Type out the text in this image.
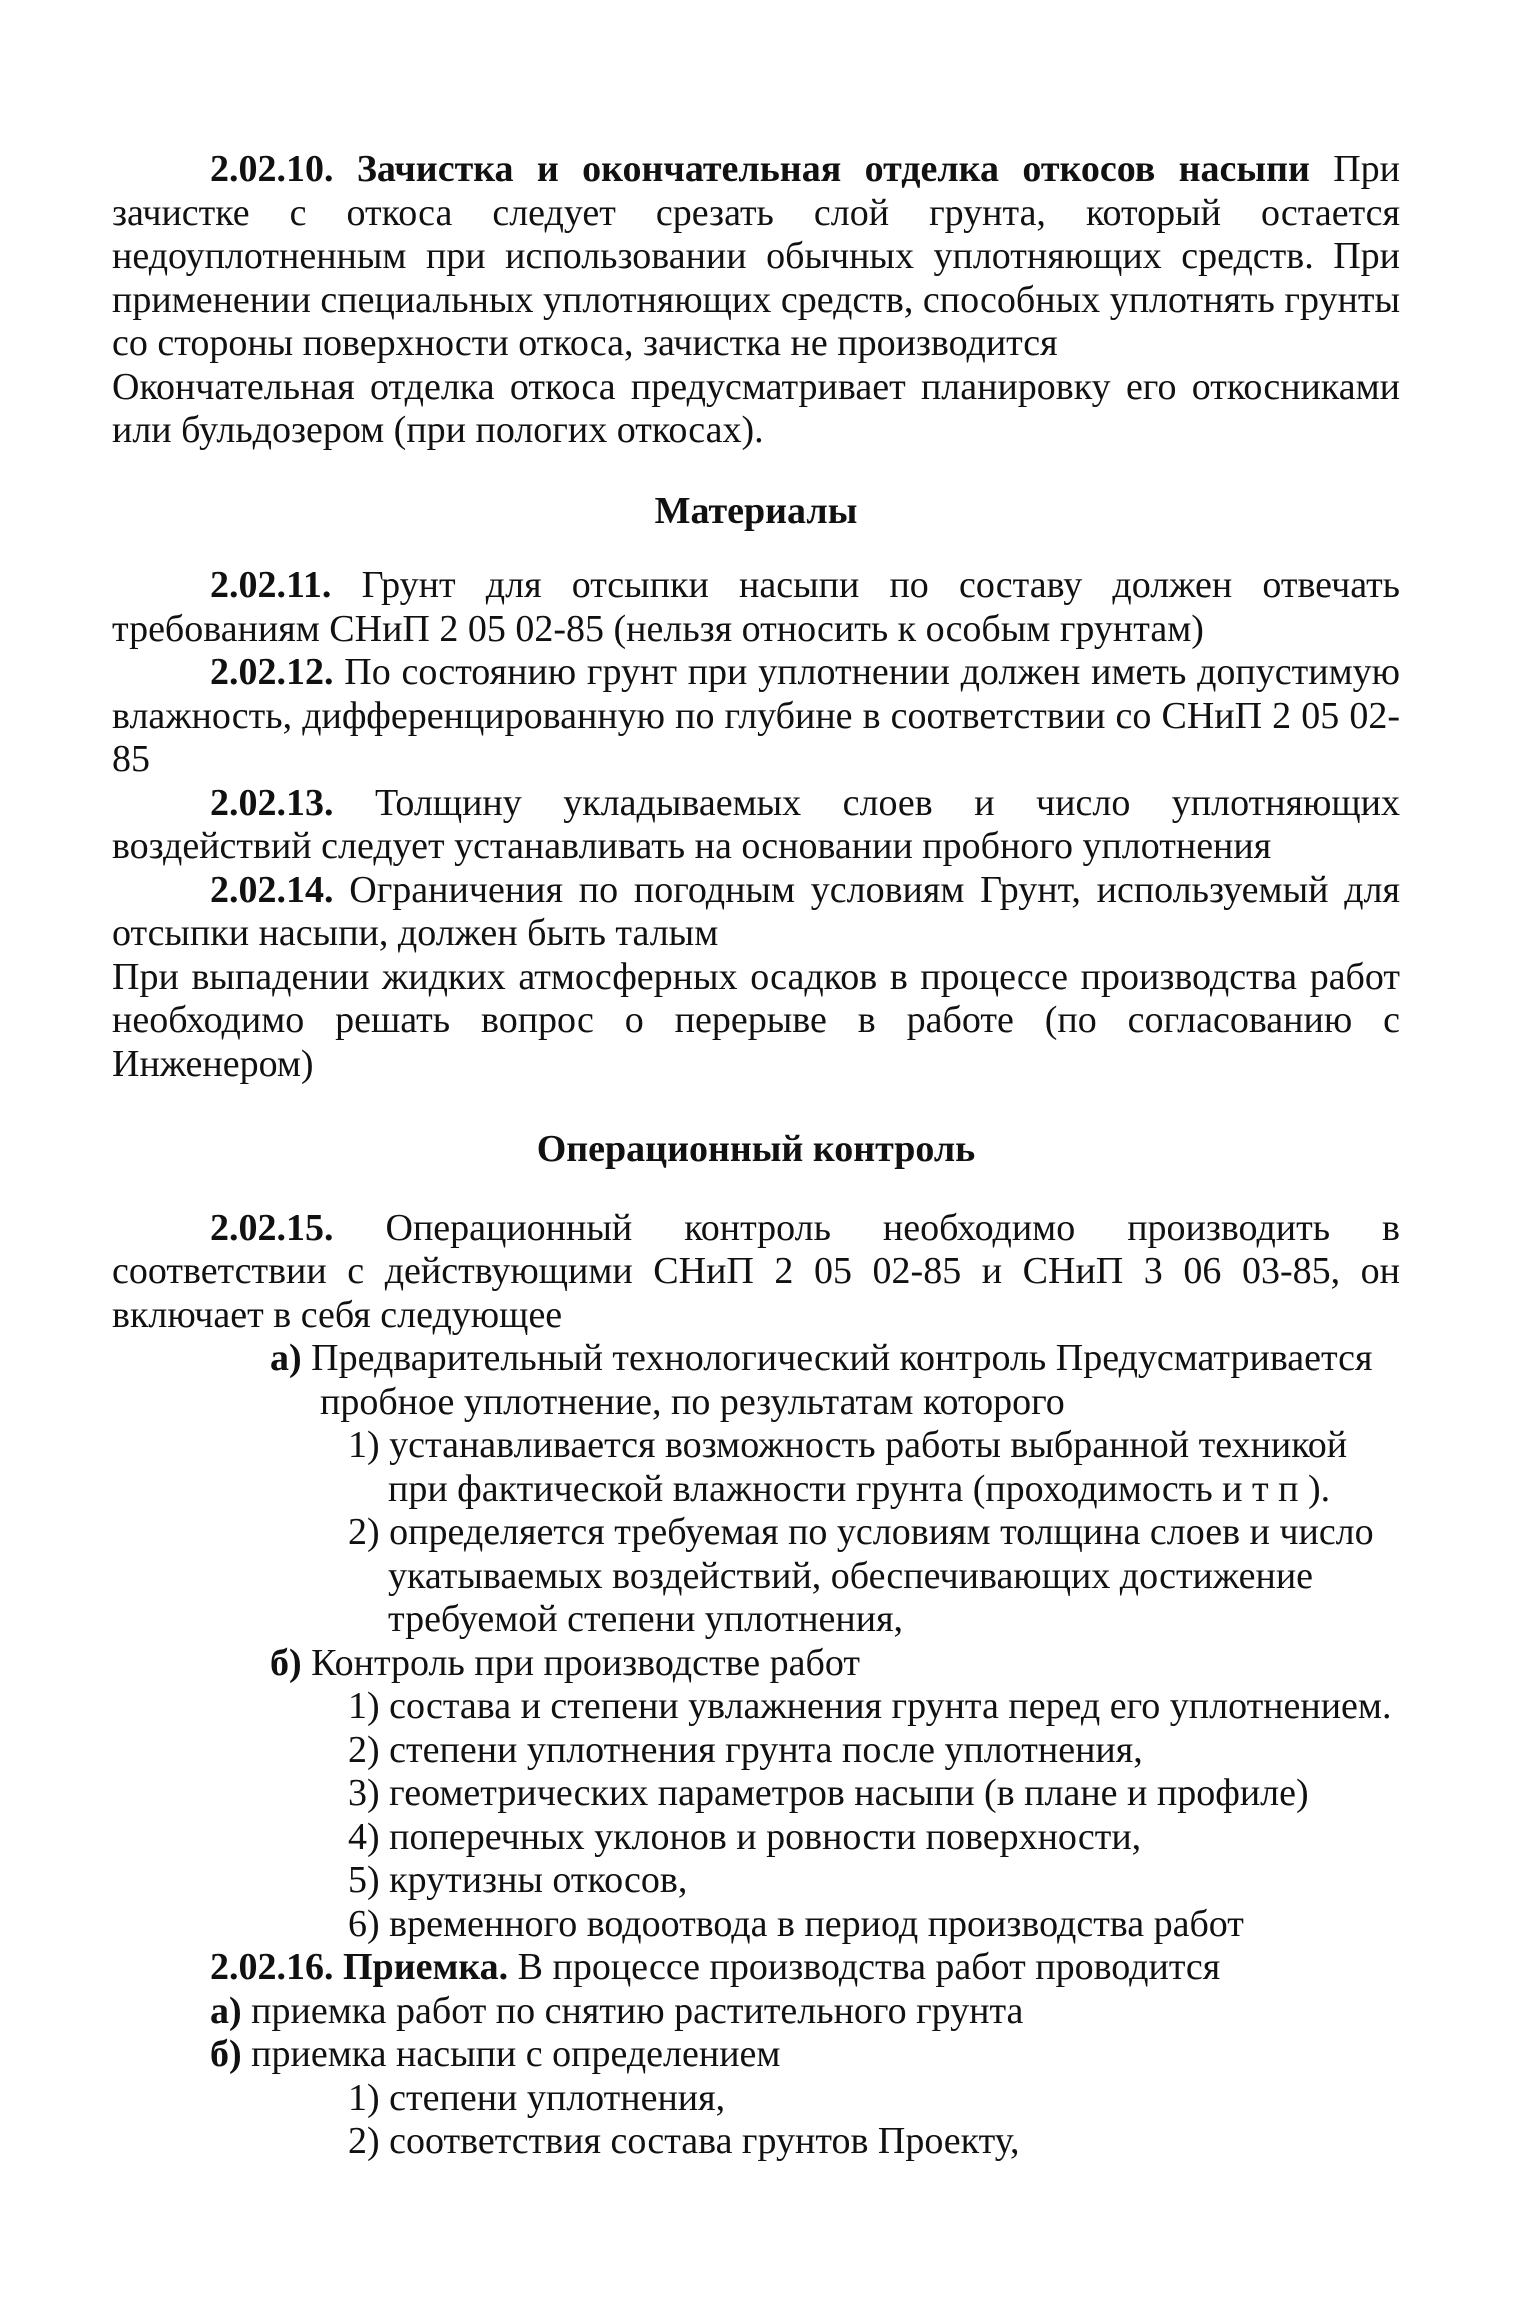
2.02.10. Зачистка и окончательная отделка откосов насыпи При зачистке с откоса следует срезать слой грунта, который остается недоуплотненным при использовании обычных уплотняющих средств. При применении специальных уплотняющих средств, способных уплотнять грунты со стороны поверхности откоса, зачистка не производится

Окончательная отделка откоса предусматривает планировку его откосниками или бульдозером (при пологих откосах).

Материалы

2.02.11. Грунт для отсыпки насыпи по составу должен отвечать требованиям СНиП 2 05 02-85 (нельзя относить к особым грунтам)

2.02.12. По состоянию грунт при уплотнении должен иметь допустимую влажность, дифференцированную по глубине в соответствии со СНиП 2 05 02-85

2.02.13. Толщину укладываемых слоев и число уплотняющих воздействий следует устанавливать на основании пробного уплотнения

2.02.14. Ограничения по погодным условиям Грунт, используемый для отсыпки насыпи, должен быть талым

При выпадении жидких атмосферных осадков в процессе производства работ необходимо решать вопрос о перерыве в работе (по согласованию с Инженером)

Операционный контроль

2.02.15. Операционный контроль необходимо производить в соответствии с действующими СНиП 2 05 02-85 и СНиП 3 06 03-85, он включает в себя следующее

а) Предварительный технологический контроль Предусматривается пробное уплотнение, по результатам которого

1) устанавливается возможность работы выбранной техникой при фактической влажности грунта (проходимость и т п ).

2) определяется требуемая по условиям толщина слоев и число укатываемых воздействий, обеспечивающих достижение требуемой степени уплотнения,

б) Контроль при производстве работ

1) состава и степени увлажнения грунта перед его уплотнением.

2) степени уплотнения грунта после уплотнения,

3) геометрических параметров насыпи (в плане и профиле)

4) поперечных уклонов и ровности поверхности,

5) крутизны откосов,

6) временного водоотвода в период производства работ

2.02.16. Приемка. В процессе производства работ проводится

а) приемка работ по снятию растительного грунта

б) приемка насыпи с определением

1) степени уплотнения,

2) соответствия состава грунтов Проекту,
